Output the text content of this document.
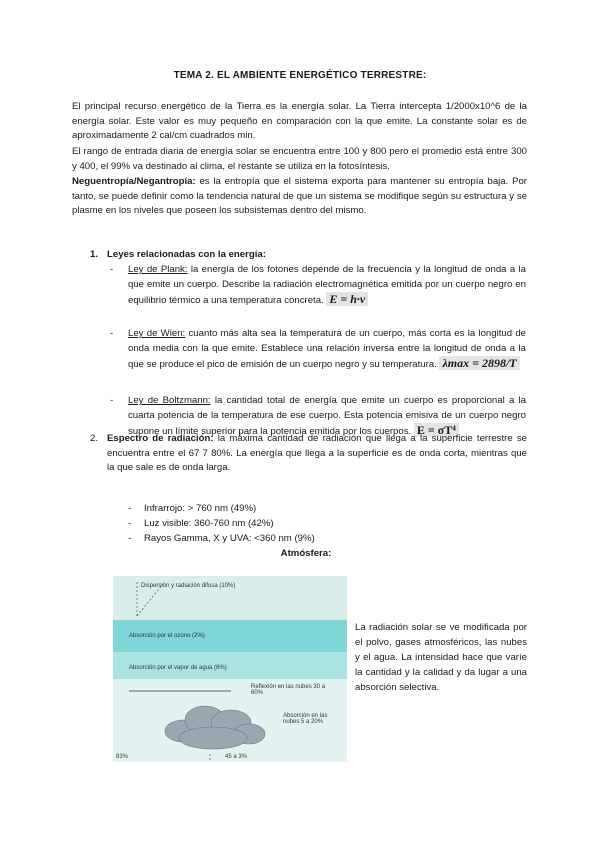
TEMA 2. EL AMBIENTE ENERGÉTICO TERRESTRE:

El principal recurso energético de la Tierra es la energía solar. La Tierra intercepta 1/2000x10^6 de la energía solar. Este valor es muy pequeño en comparación con la que emite. La constante solar es de aproximadamente 2 cal/cm cuadrados min.

El rango de entrada diaria de energía solar se encuentra entre 100 y 800 pero el promedio está entre 300 y 400, el 99% va destinado al clima, el restante se utiliza en la fotosíntesis.

Neguentropía/Negantropía: es la entropía que el sistema exporta para mantener su entropía baja. Por tanto, se puede definir como la tendencia natural de que un sistema se modifique según su estructura y se plasme en los niveles que poseen los subsistemas dentro del mismo.

1. Leyes relacionadas con la energía:
- Ley de Plank: la energía de los fotones depende de la frecuencia y la longitud de onda a la que emite un cuerpo. Describe la radiación electromagnética emitida por un cuerpo negro en equilibrio térmico a una temperatura concreta. E = h·v
- Ley de Wien: cuanto más alta sea la temperatura de un cuerpo, más corta es la longitud de onda media con la que emite. Establece una relación inversa entre la longitud de onda a la que se produce el pico de emisión de un cuerpo negro y su temperatura. λmax = 2898/T
- Ley de Boltzmann: la cantidad total de energía que emite un cuerpo es proporcional a la cuarta potencia de la temperatura de ese cuerpo. Esta potencia emisiva de un cuerpo negro supone un límite superior para la potencia emitida por los cuerpos. E = σT⁴
2. Espectro de radiación: la máxima cantidad de radiación que llega a la superficie terrestre se encuentra entre el 67 7 80%. La energía que llega a la superficie es de onda corta, mientras que la que sale es de onda larga.
- Infrarrojo: > 760 nm (49%)
- Luz visible: 360-760 nm (42%)
- Rayos Gamma, X y UVA: <360 nm (9%)
Atmósfera:
Dispersión y radiación difusa (10%)
Absorción por el ozono (2%)
Absorción por el vapor de agua (8%)
Reflexión en las nubes 30 a 60%
Absorción en las nubes 5 a 20%
83%	45 a 3%
La radiación solar se ve modificada por el polvo, gases atmosféricos, las nubes y el agua. La intensidad hace que varíe la cantidad y la calidad y da lugar a una absorción selectiva.
